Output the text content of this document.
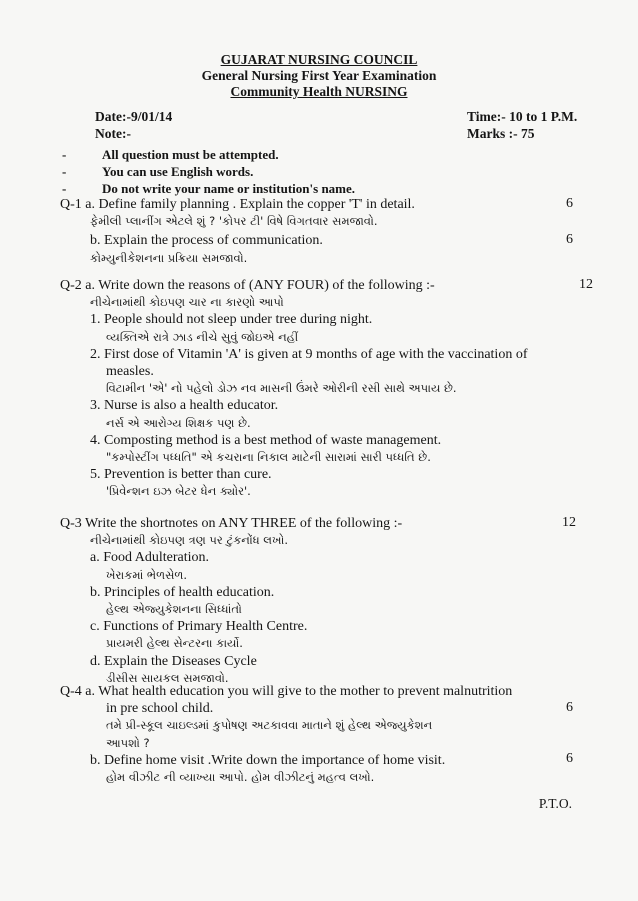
GUJARAT NURSING COUNCIL
General Nursing First Year Examination
Community Health NURSING
Date:-9/01/14
Note:-
Time:- 10 to 1 P.M.
Marks :- 75
-	All question must be attempted.
-	You can use English words.
-	Do not write your name or institution's name.
Q-1 a. Define family planning . Explain the copper 'T' in detail.
ફેમીલી પ્લાનીંગ એટલે શું ? 'કોપર ટી' વિષે વિગતવાર સમજાવો.
b. Explain the process of communication.
કોમ્યુનીકેશનના પ્રક્રિયા સમજાવો.
6
6
Q-2 a. Write down the reasons of (ANY FOUR) of the following :-
નીચેનામાંથી કોઇપણ ચાર ના કારણો આપો
1. People should not sleep under tree during night.
વ્યક્તિએ રાત્રે ઝાડ નીચે સુવું જોઇએ નહીં
2. First dose of Vitamin 'A' is given at 9 months of age with the vaccination of
measles.
વિટામીન 'એ' નો પહેલો ડોઝ નવ માસની ઉંમરે ઓરીની રસી સાથે અપાય છે.
3. Nurse is also a health educator.
નર્સ એ આરોગ્ય શિક્ષક પણ છે.
4. Composting method is a best method of waste management.
"કમ્પોસ્ટીંગ પધ્ધતિ" એ કચરાના નિકાલ માટેની સારામાં સારી પધ્ધતિ છે.
5. Prevention is better than cure.
'પ્રિવેન્શન ઇઝ બેટર ધેન ક્યોર'.
12
Q-3 Write the shortnotes on ANY THREE of the following :-
નીચેનામાંથી કોઇપણ ત્રણ પર ટુંકનોંધ લખો.
a. Food Adulteration.
ખેરાકમાં ભેળસેળ.
b. Principles of health education.
હેલ્થ એજ્યુકેશનના સિધ્ધાંતો
c. Functions of Primary Health Centre.
પ્રાયમરી હેલ્થ સેન્ટરના કાર્યો.
d. Explain the Diseases Cycle
ડીસીસ સાયકલ સમજાવો.
12
Q-4 a. What health education you will give to the mother to prevent malnutrition
in pre school child.
તમે પ્રી-સ્કૂલ ચાઇલ્ડમાં કુપોષણ અટકાવવા માતાને શું હેલ્થ એજ્યુકેશન
આપશો ?
b. Define home visit .Write down the importance of home visit.
હોમ વીઝીટ ની વ્યાખ્યા આપો. હોમ વીઝીટનું મહત્વ લખો.
6
6
P.T.O.
